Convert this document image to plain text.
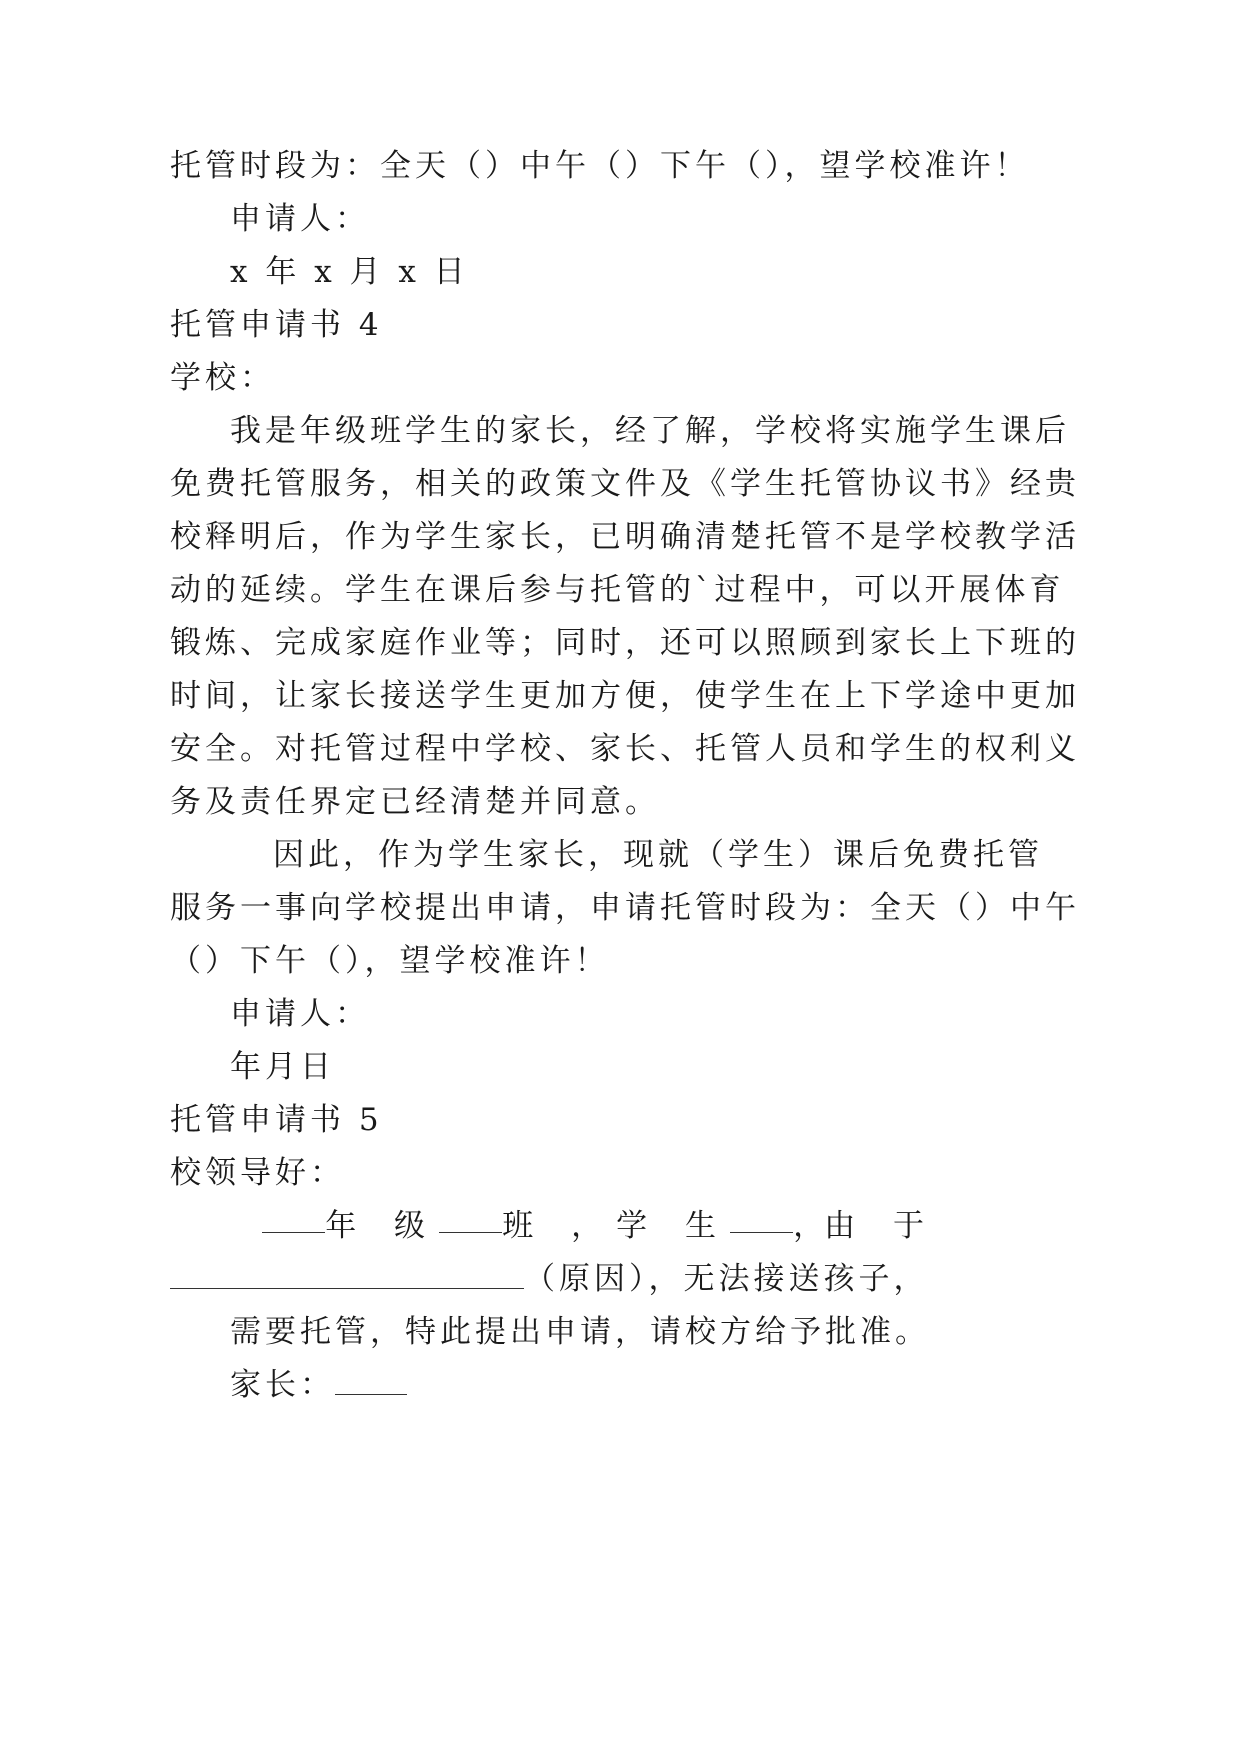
托管时段为：全天（）中午（）下午（），望学校准许！
申请人：
x 年 x 月 x 日
托管申请书 4
学校：
我是年级班学生的家长，经了解，学校将实施学生课后
免费托管服务，相关的政策文件及《学生托管协议书》经贵
校释明后，作为学生家长，已明确清楚托管不是学校教学活
动的延续。学生在课后参与托管的`过程中，可以开展体育
锻炼、完成家庭作业等；同时，还可以照顾到家长上下班的
时间，让家长接送学生更加方便，使学生在上下学途中更加
安全。对托管过程中学校、家长、托管人员和学生的权利义
务及责任界定已经清楚并同意。
因此，作为学生家长，现就（学生）课后免费托管
服务一事向学校提出申请，申请托管时段为：全天（）中午
（）下午（），望学校准许！
申请人：
年月日
托管申请书 5
校领导好：
年 级 班 ， 学 生 ， 由 于
（原因），无法接送孩子，
需要托管，特此提出申请，请校方给予批准。
家长：
